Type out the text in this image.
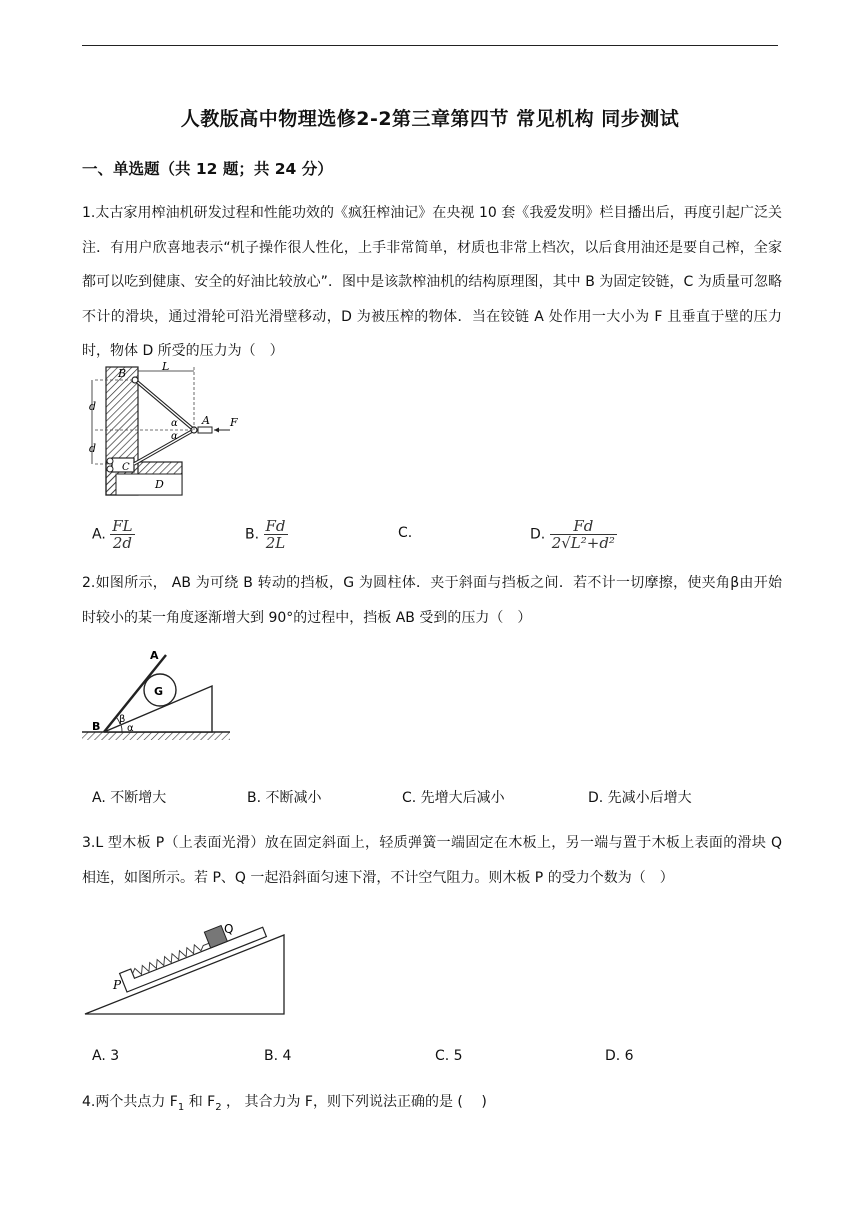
人教版高中物理选修2-2第三章第四节 常见机构 同步测试
一、单选题（共 12 题；共 24 分）
1.太古家用榨油机研发过程和性能功效的《疯狂榨油记》在央视 10 套《我爱发明》栏目播出后，再度引起广泛关注．有用户欣喜地表示“机子操作很人性化，上手非常简单，材质也非常上档次，以后食用油还是要自己榨，全家都可以吃到健康、安全的好油比较放心”．图中是该款榨油机的结构原理图，其中 B 为固定铰链，C 为质量可忽略不计的滑块，通过滑轮可沿光滑壁移动，D 为被压榨的物体．当在铰链 A 处作用一大小为 F 且垂直于壁的压力时，物体 D 所受的压力为（　）
B
L
d
d
α
α
A F
C
D
A. $\frac{FL}{2d}$	B. $\frac{Fd}{2L}$	C.	D. $\frac{Fd}{\text{2√L²+d²}}$
2.如图所示， AB 为可绕 B 转动的挡板，G 为圆柱体．夹于斜面与挡板之间．若不计一切摩擦，使夹角β由开始时较小的某一角度逐渐增大到 90°的过程中，挡板 AB 受到的压力（　）
A
G
B
β
α
A. 不断增大	B. 不断减小	C. 先增大后减小	D. 先减小后增大
3.L 型木板 P（上表面光滑）放在固定斜面上，轻质弹簧一端固定在木板上，另一端与置于木板上表面的滑块 Q 相连，如图所示。若 P、Q 一起沿斜面匀速下滑，不计空气阻力。则木板 P 的受力个数为（　）
Q
P
A. 3	B. 4	C. 5	D. 6
4.两个共点力 $F_1$ 和 $F_2$ ， 其合力为 F，则下列说法正确的是 (　 )
